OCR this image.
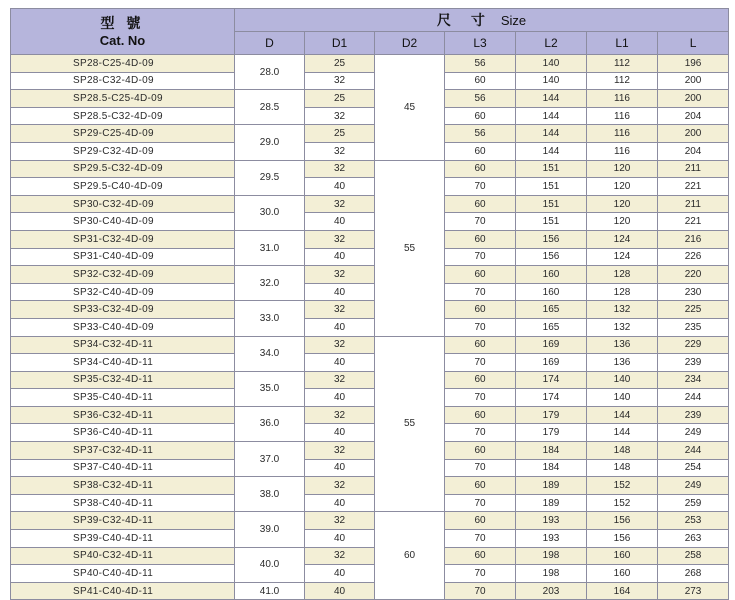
型 號
Cat. No	尺 寸 Size						
	D	D1	D2	L3	L2	L1	L
SP28-C25-4D-09	28.0	25	45	56	140	112	196
SP28-C32-4D-09		32		60	140	112	200
SP28.5-C25-4D-09	28.5	25		56	144	116	200
SP28.5-C32-4D-09		32		60	144	116	204
SP29-C25-4D-09	29.0	25		56	144	116	200
SP29-C32-4D-09		32		60	144	116	204
SP29.5-C32-4D-09	29.5	32	55	60	151	120	211
SP29.5-C40-4D-09		40		70	151	120	221
SP30-C32-4D-09	30.0	32		60	151	120	211
SP30-C40-4D-09		40		70	151	120	221
SP31-C32-4D-09	31.0	32		60	156	124	216
SP31-C40-4D-09		40		70	156	124	226
SP32-C32-4D-09	32.0	32		60	160	128	220
SP32-C40-4D-09		40		70	160	128	230
SP33-C32-4D-09	33.0	32		60	165	132	225
SP33-C40-4D-09		40		70	165	132	235
SP34-C32-4D-11	34.0	32	55	60	169	136	229
SP34-C40-4D-11		40		70	169	136	239
SP35-C32-4D-11	35.0	32		60	174	140	234
SP35-C40-4D-11		40		70	174	140	244
SP36-C32-4D-11	36.0	32		60	179	144	239
SP36-C40-4D-11		40		70	179	144	249
SP37-C32-4D-11	37.0	32		60	184	148	244
SP37-C40-4D-11		40		70	184	148	254
SP38-C32-4D-11	38.0	32		60	189	152	249
SP38-C40-4D-11		40		70	189	152	259
SP39-C32-4D-11	39.0	32	60	60	193	156	253
SP39-C40-4D-11		40		70	193	156	263
SP40-C32-4D-11	40.0	32		60	198	160	258
SP40-C40-4D-11		40		70	198	160	268
SP41-C40-4D-11	41.0	40		70	203	164	273
